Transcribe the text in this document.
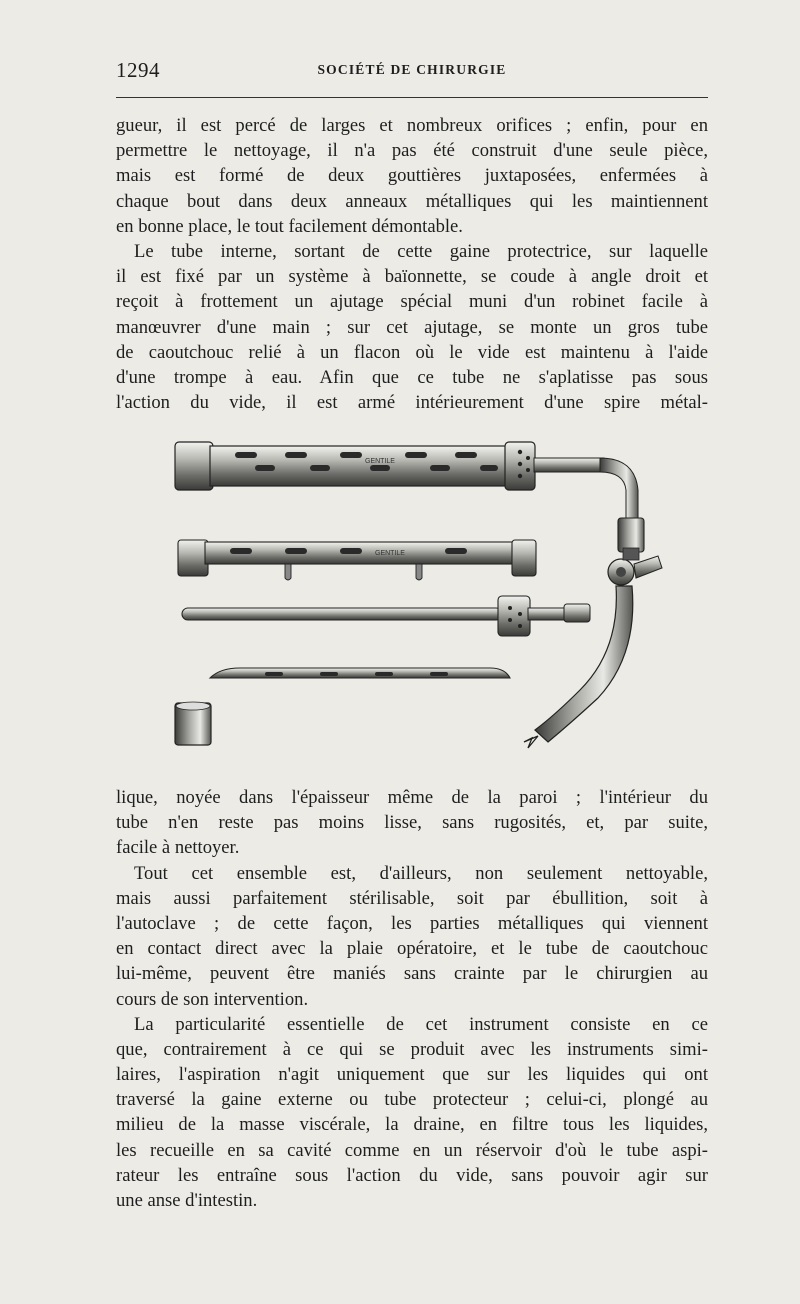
1294	SOCIÉTÉ DE CHIRURGIE
gueur, il est percé de larges et nombreux orifices ; enfin, pour en
permettre le nettoyage, il n'a pas été construit d'une seule pièce,
mais est formé de deux gouttières juxtaposées, enfermées à
chaque bout dans deux anneaux métalliques qui les maintiennent
en bonne place, le tout facilement démontable.
Le tube interne, sortant de cette gaine protectrice, sur laquelle
il est fixé par un système à baïonnette, se coude à angle droit et
reçoit à frottement un ajutage spécial muni d'un robinet facile à
manœuvrer d'une main ; sur cet ajutage, se monte un gros tube
de caoutchouc relié à un flacon où le vide est maintenu à l'aide
d'une trompe à eau. Afin que ce tube ne s'aplatisse pas sous
l'action du vide, il est armé intérieurement d'une spire métal-
GENTILE
GENTILE
lique, noyée dans l'épaisseur même de la paroi ; l'intérieur du
tube n'en reste pas moins lisse, sans rugosités, et, par suite,
facile à nettoyer.
Tout cet ensemble est, d'ailleurs, non seulement nettoyable,
mais aussi parfaitement stérilisable, soit par ébullition, soit à
l'autoclave ; de cette façon, les parties métalliques qui viennent
en contact direct avec la plaie opératoire, et le tube de caoutchouc
lui-même, peuvent être maniés sans crainte par le chirurgien au
cours de son intervention.
La particularité essentielle de cet instrument consiste en ce
que, contrairement à ce qui se produit avec les instruments simi-
laires, l'aspiration n'agit uniquement que sur les liquides qui ont
traversé la gaine externe ou tube protecteur ; celui-ci, plongé au
milieu de la masse viscérale, la draine, en filtre tous les liquides,
les recueille en sa cavité comme en un réservoir d'où le tube aspi-
rateur les entraîne sous l'action du vide, sans pouvoir agir sur
une anse d'intestin.
